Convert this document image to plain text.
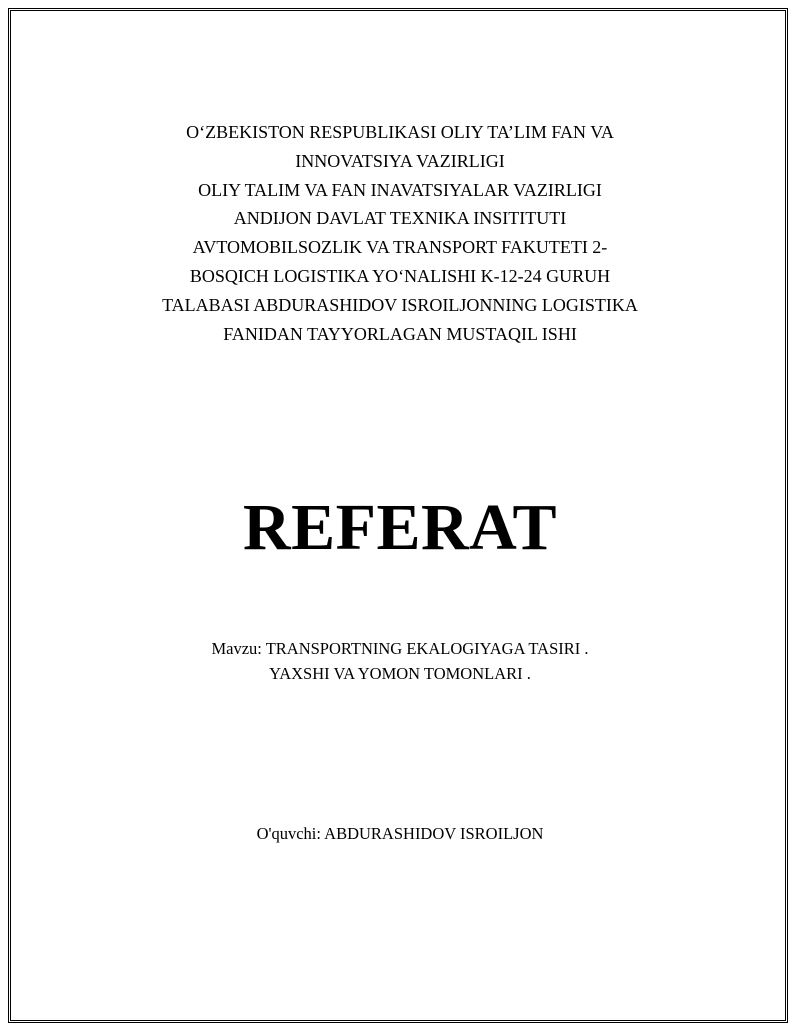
O‘ZBEKISTON RESPUBLIKASI OLIY TA’LIM FAN VA
INNOVATSIYA VAZIRLIGI
OLIY TALIM VA FAN INAVATSIYALAR VAZIRLIGI
ANDIJON DAVLAT TEXNIKA INSITITUTI
AVTOMOBILSOZLIK VA TRANSPORT FAKUTETI 2-
BOSQICH LOGISTIKA YO‘NALISHI K-12-24 GURUH
TALABASI ABDURASHIDOV ISROILJONNING LOGISTIKA
FANIDAN TAYYORLAGAN MUSTAQIL ISHI
REFERAT
Mavzu: TRANSPORTNING EKALOGIYAGA TASIRI .
YAXSHI VA YOMON TOMONLARI .
O'quvchi: ABDURASHIDOV ISROILJON
